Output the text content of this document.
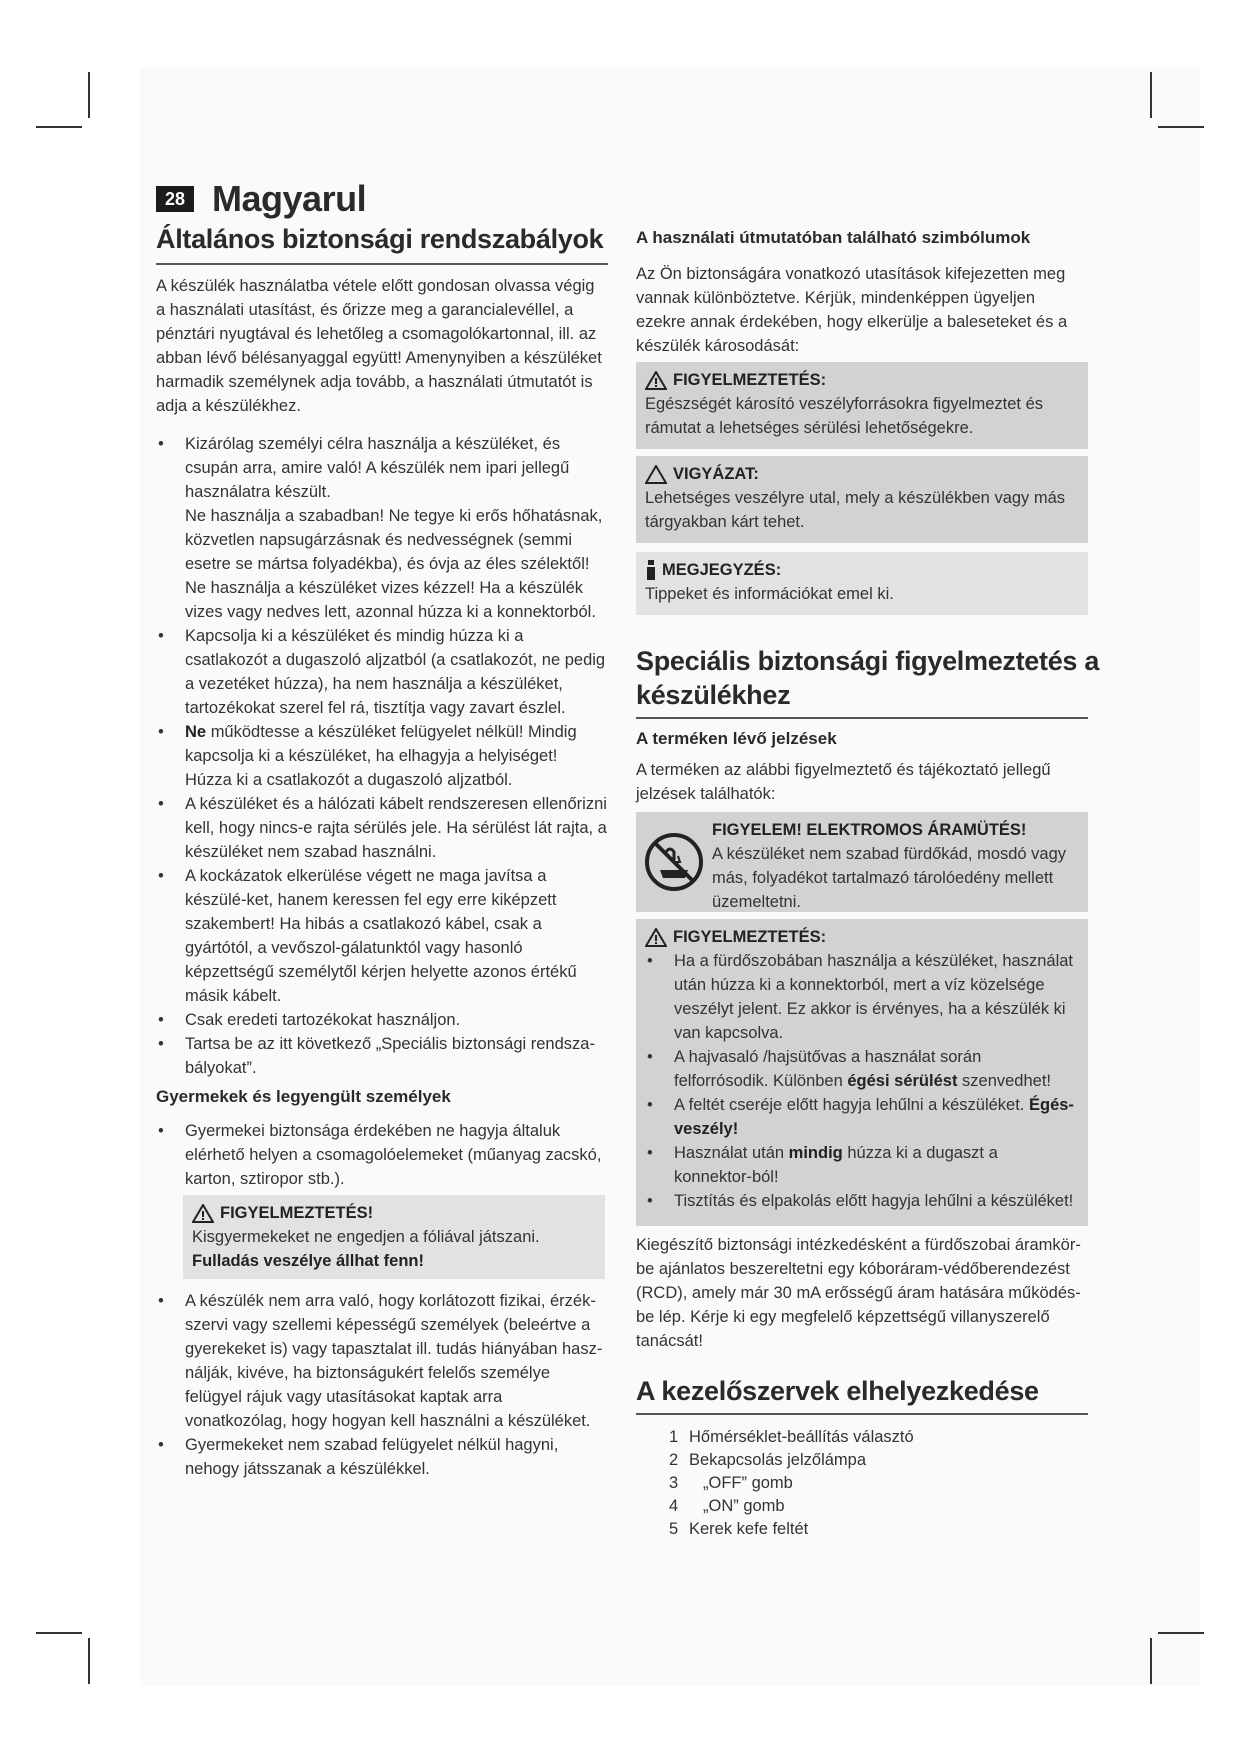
28 Magyarul
Általános biztonsági rendszabályok

A készülék használatba vétele előtt gondosan olvassa végig a használati utasítást, és őrizze meg a garancialevéllel, a pénztári nyugtával és lehetőleg a csomagolókartonnal, ill. az abban lévő bélésanyaggal együtt! Amenynyiben a készüléket harmadik személynek adja tovább, a használati útmutatót is adja a készülékhez.

• Kizárólag személyi célra használja a készüléket, és csupán arra, amire való! A készülék nem ipari jellegű használatra készült.
Ne használja a szabadban! Ne tegye ki erős hőhatásnak, közvetlen napsugárzásnak és nedvességnek (semmi esetre se mártsa folyadékba), és óvja az éles szélektől! Ne használja a készüléket vizes kézzel! Ha a készülék vizes vagy nedves lett, azonnal húzza ki a konnektorból.
• Kapcsolja ki a készüléket és mindig húzza ki a csatlakozót a dugaszoló aljzatból (a csatlakozót, ne pedig a vezetéket húzza), ha nem használja a készüléket, tartozékokat szerel fel rá, tisztítja vagy zavart észlel.
• Ne működtesse a készüléket felügyelet nélkül! Mindig kapcsolja ki a készüléket, ha elhagyja a helyiséget! Húzza ki a csatlakozót a dugaszoló aljzatból.
• A készüléket és a hálózati kábelt rendszeresen ellenőrizni kell, hogy nincs-e rajta sérülés jele. Ha sérülést lát rajta, a készüléket nem szabad használni.
• A kockázatok elkerülése végett ne maga javítsa a készülé-ket, hanem keressen fel egy erre kiképzett szakembert! Ha hibás a csatlakozó kábel, csak a gyártótól, a vevőszol-gálatunktól vagy hasonló képzettségű személytől kérjen helyette azonos értékű másik kábelt.
• Csak eredeti tartozékokat használjon.
• Tartsa be az itt következő „Speciális biztonsági rendsza-bályokat”.
Gyermekek és legyengült személyek
• Gyermekei biztonsága érdekében ne hagyja általuk elérhető helyen a csomagolóelemeket (műanyag zacskó, karton, sztiropor stb.).
FIGYELMEZTETÉS!
Kisgyermekeket ne engedjen a fóliával játszani.
Fulladás veszélye állhat fenn!
• A készülék nem arra való, hogy korlátozott fizikai, érzék-szervi vagy szellemi képességű személyek (beleértve a gyerekeket is) vagy tapasztalat ill. tudás hiányában hasz-nálják, kivéve, ha biztonságukért felelős személye felügyel rájuk vagy utasításokat kaptak arra vonatkozólag, hogy hogyan kell használni a készüléket.
• Gyermekeket nem szabad felügyelet nélkül hagyni, nehogy játsszanak a készülékkel.
A használati útmutatóban található szimbólumok

Az Ön biztonságára vonatkozó utasítások kifejezetten meg vannak különböztetve. Kérjük, mindenképpen ügyeljen ezekre annak érdekében, hogy elkerülje a baleseteket és a készülék károsodását:

FIGYELMEZTETÉS:
Egészségét károsító veszélyforrásokra figyelmeztet és rámutat a lehetséges sérülési lehetőségekre.
VIGYÁZAT:
Lehetséges veszélyre utal, mely a készülékben vagy más tárgyakban kárt tehet.
MEGJEGYZÉS:
Tippeket és információkat emel ki.
Speciális biztonsági figyelmeztetés a
készülékhez
A terméken lévő jelzések

A terméken az alábbi figyelmeztető és tájékoztató jellegű jelzések találhatók:

FIGYELEM! ELEKTROMOS ÁRAMÜTÉS!
A készüléket nem szabad fürdőkád, mosdó vagy más, folyadékot tartalmazó tárolóedény mellett üzemeltetni.
FIGYELMEZTETÉS:
• Ha a fürdőszobában használja a készüléket, használat után húzza ki a konnektorból, mert a víz közelsége veszélyt jelent. Ez akkor is érvényes, ha a készülék ki van kapcsolva.
• A hajvasaló /hajsütővas a használat során felforrósodik. Különben égési sérülést szenvedhet!
• A feltét cseréje előtt hagyja lehűlni a készüléket. Égés-veszély!
• Használat után mindig húzza ki a dugaszt a konnektor-ból!
• Tisztítás és elpakolás előtt hagyja lehűlni a készüléket!

Kiegészítő biztonsági intézkedésként a fürdőszobai áramkör-be ajánlatos beszereltetni egy kóboráram-védőberendezést (RCD), amely már 30 mA erősségű áram hatására működés-be lép. Kérje ki egy megfelelő képzettségű villanyszerelő tanácsát!

A kezelőszervek elhelyezkedése
1 Hőmérséklet-beállítás választó
2 Bekapcsolás jelzőlámpa
3 „OFF” gomb
4 „ON” gomb
5 Kerek kefe feltét
